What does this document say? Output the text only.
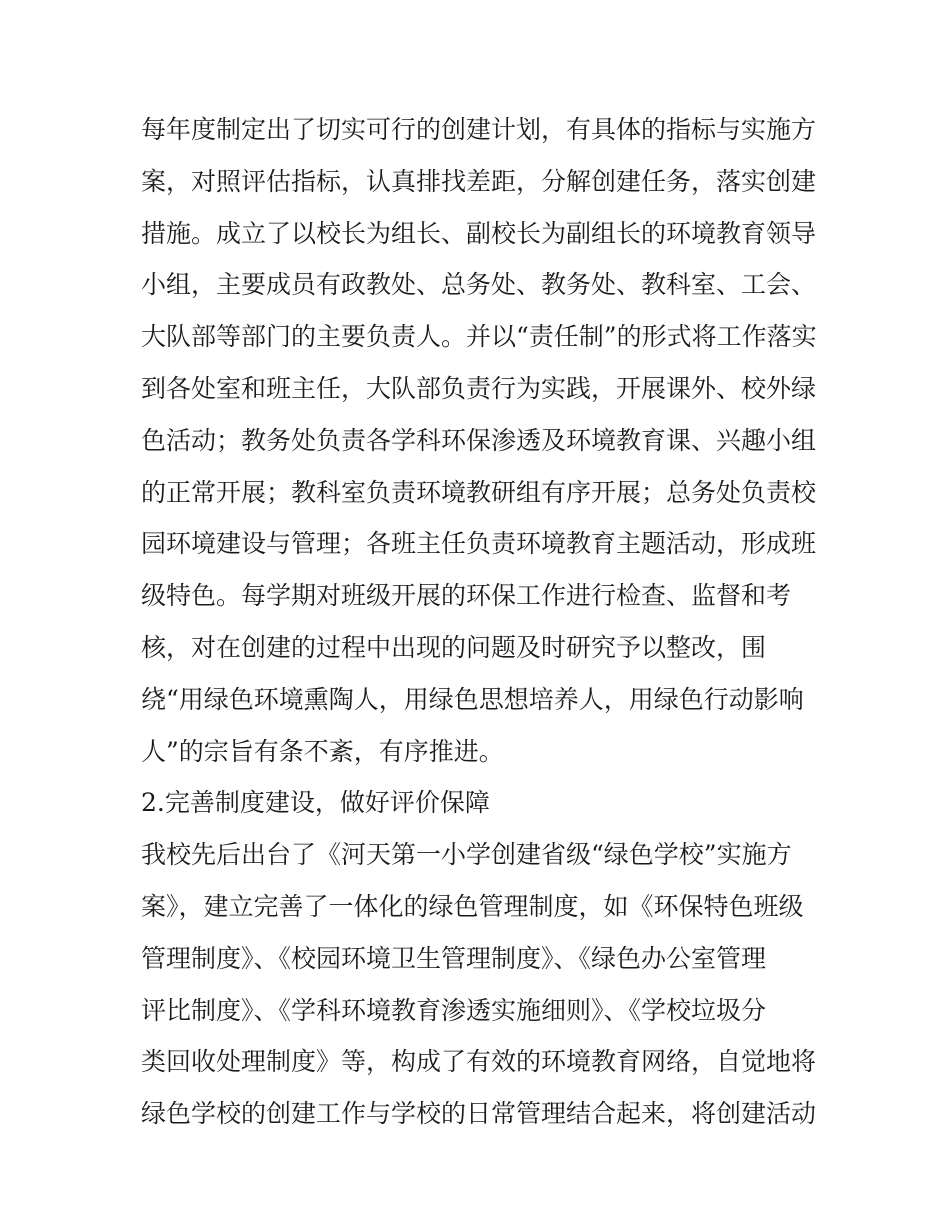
每年度制定出了切实可行的创建计划，有具体的指标与实施方
案，对照评估指标，认真排找差距，分解创建任务，落实创建
措施。成立了以校长为组长、副校长为副组长的环境教育领导
小组，主要成员有政教处、总务处、教务处、教科室、工会、
大队部等部门的主要负责人。并以“责任制”的形式将工作落实
到各处室和班主任，大队部负责行为实践，开展课外、校外绿
色活动；教务处负责各学科环保渗透及环境教育课、兴趣小组
的正常开展；教科室负责环境教研组有序开展；总务处负责校
园环境建设与管理；各班主任负责环境教育主题活动，形成班
级特色。每学期对班级开展的环保工作进行检查、监督和考
核，对在创建的过程中出现的问题及时研究予以整改，围
绕“用绿色环境熏陶人，用绿色思想培养人，用绿色行动影响
人”的宗旨有条不紊，有序推进。
2.完善制度建设，做好评价保障
我校先后出台了《河天第一小学创建省级“绿色学校”实施方
案》，建立完善了一体化的绿色管理制度，如《环保特色班级
管理制度》、《校园环境卫生管理制度》、《绿色办公室管理
评比制度》、《学科环境教育渗透实施细则》、《学校垃圾分
类回收处理制度》等，构成了有效的环境教育网络，自觉地将
绿色学校的创建工作与学校的日常管理结合起来，将创建活动
